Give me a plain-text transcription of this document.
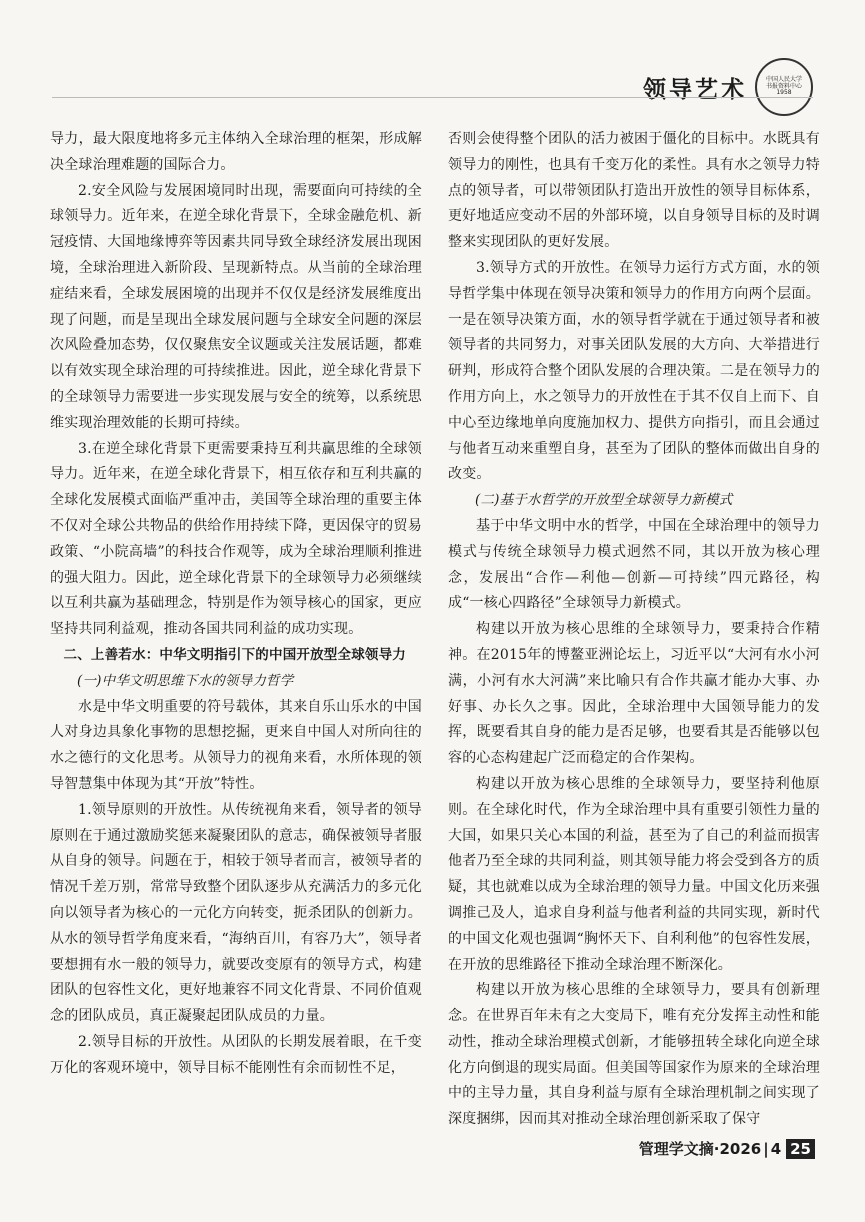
领导艺术	中国人民大学
书报资料中心
1958

导力，最大限度地将多元主体纳入全球治理的框架，形成解决全球治理难题的国际合力。

2.安全风险与发展困境同时出现，需要面向可持续的全球领导力。近年来，在逆全球化背景下，全球金融危机、新冠疫情、大国地缘博弈等因素共同导致全球经济发展出现困境，全球治理进入新阶段、呈现新特点。从当前的全球治理症结来看，全球发展困境的出现并不仅仅是经济发展维度出现了问题，而是呈现出全球发展问题与全球安全问题的深层次风险叠加态势，仅仅聚焦安全议题或关注发展话题，都难以有效实现全球治理的可持续推进。因此，逆全球化背景下的全球领导力需要进一步实现发展与安全的统筹，以系统思维实现治理效能的长期可持续。

3.在逆全球化背景下更需要秉持互利共赢思维的全球领导力。近年来，在逆全球化背景下，相互依存和互利共赢的全球化发展模式面临严重冲击，美国等全球治理的重要主体不仅对全球公共物品的供给作用持续下降，更因保守的贸易政策、“小院高墙”的科技合作观等，成为全球治理顺利推进的强大阻力。因此，逆全球化背景下的全球领导力必须继续以互利共赢为基础理念，特别是作为领导核心的国家，更应坚持共同利益观，推动各国共同利益的成功实现。

二、上善若水：中华文明指引下的中国开放型全球领导力

(一)中华文明思维下水的领导力哲学

水是中华文明重要的符号载体，其来自乐山乐水的中国人对身边具象化事物的思想挖掘，更来自中国人对所向往的水之德行的文化思考。从领导力的视角来看，水所体现的领导智慧集中体现为其“开放”特性。

1.领导原则的开放性。从传统视角来看，领导者的领导原则在于通过激励奖惩来凝聚团队的意志，确保被领导者服从自身的领导。问题在于，相较于领导者而言，被领导者的情况千差万别，常常导致整个团队逐步从充满活力的多元化向以领导者为核心的一元化方向转变，扼杀团队的创新力。从水的领导哲学角度来看，“海纳百川，有容乃大”，领导者要想拥有水一般的领导力，就要改变原有的领导方式，构建团队的包容性文化，更好地兼容不同文化背景、不同价值观念的团队成员，真正凝聚起团队成员的力量。

2.领导目标的开放性。从团队的长期发展着眼，在千变万化的客观环境中，领导目标不能刚性有余而韧性不足，

否则会使得整个团队的活力被困于僵化的目标中。水既具有领导力的刚性，也具有千变万化的柔性。具有水之领导力特点的领导者，可以带领团队打造出开放性的领导目标体系，更好地适应变动不居的外部环境，以自身领导目标的及时调整来实现团队的更好发展。

3.领导方式的开放性。在领导力运行方式方面，水的领导哲学集中体现在领导决策和领导力的作用方向两个层面。一是在领导决策方面，水的领导哲学就在于通过领导者和被领导者的共同努力，对事关团队发展的大方向、大举措进行研判，形成符合整个团队发展的合理决策。二是在领导力的作用方向上，水之领导力的开放性在于其不仅自上而下、自中心至边缘地单向度施加权力、提供方向指引，而且会通过与他者互动来重塑自身，甚至为了团队的整体而做出自身的改变。

(二)基于水哲学的开放型全球领导力新模式

基于中华文明中水的哲学，中国在全球治理中的领导力模式与传统全球领导力模式迥然不同，其以开放为核心理念，发展出“合作—利他—创新—可持续”四元路径，构成“一核心四路径”全球领导力新模式。

构建以开放为核心思维的全球领导力，要秉持合作精神。在2015年的博鳌亚洲论坛上，习近平以“大河有水小河满，小河有水大河满”来比喻只有合作共赢才能办大事、办好事、办长久之事。因此，全球治理中大国领导能力的发挥，既要看其自身的能力是否足够，也要看其是否能够以包容的心态构建起广泛而稳定的合作架构。

构建以开放为核心思维的全球领导力，要坚持利他原则。在全球化时代，作为全球治理中具有重要引领性力量的大国，如果只关心本国的利益，甚至为了自己的利益而损害他者乃至全球的共同利益，则其领导能力将会受到各方的质疑，其也就难以成为全球治理的领导力量。中国文化历来强调推己及人，追求自身利益与他者利益的共同实现，新时代的中国文化观也强调“胸怀天下、自利利他”的包容性发展，在开放的思维路径下推动全球治理不断深化。

构建以开放为核心思维的全球领导力，要具有创新理念。在世界百年未有之大变局下，唯有充分发挥主动性和能动性，推动全球治理模式创新，才能够扭转全球化向逆全球化方向倒退的现实局面。但美国等国家作为原来的全球治理中的主导力量，其自身利益与原有全球治理机制之间实现了深度捆绑，因而其对推动全球治理创新采取了保守

管理学文摘·2026 | 4 25
